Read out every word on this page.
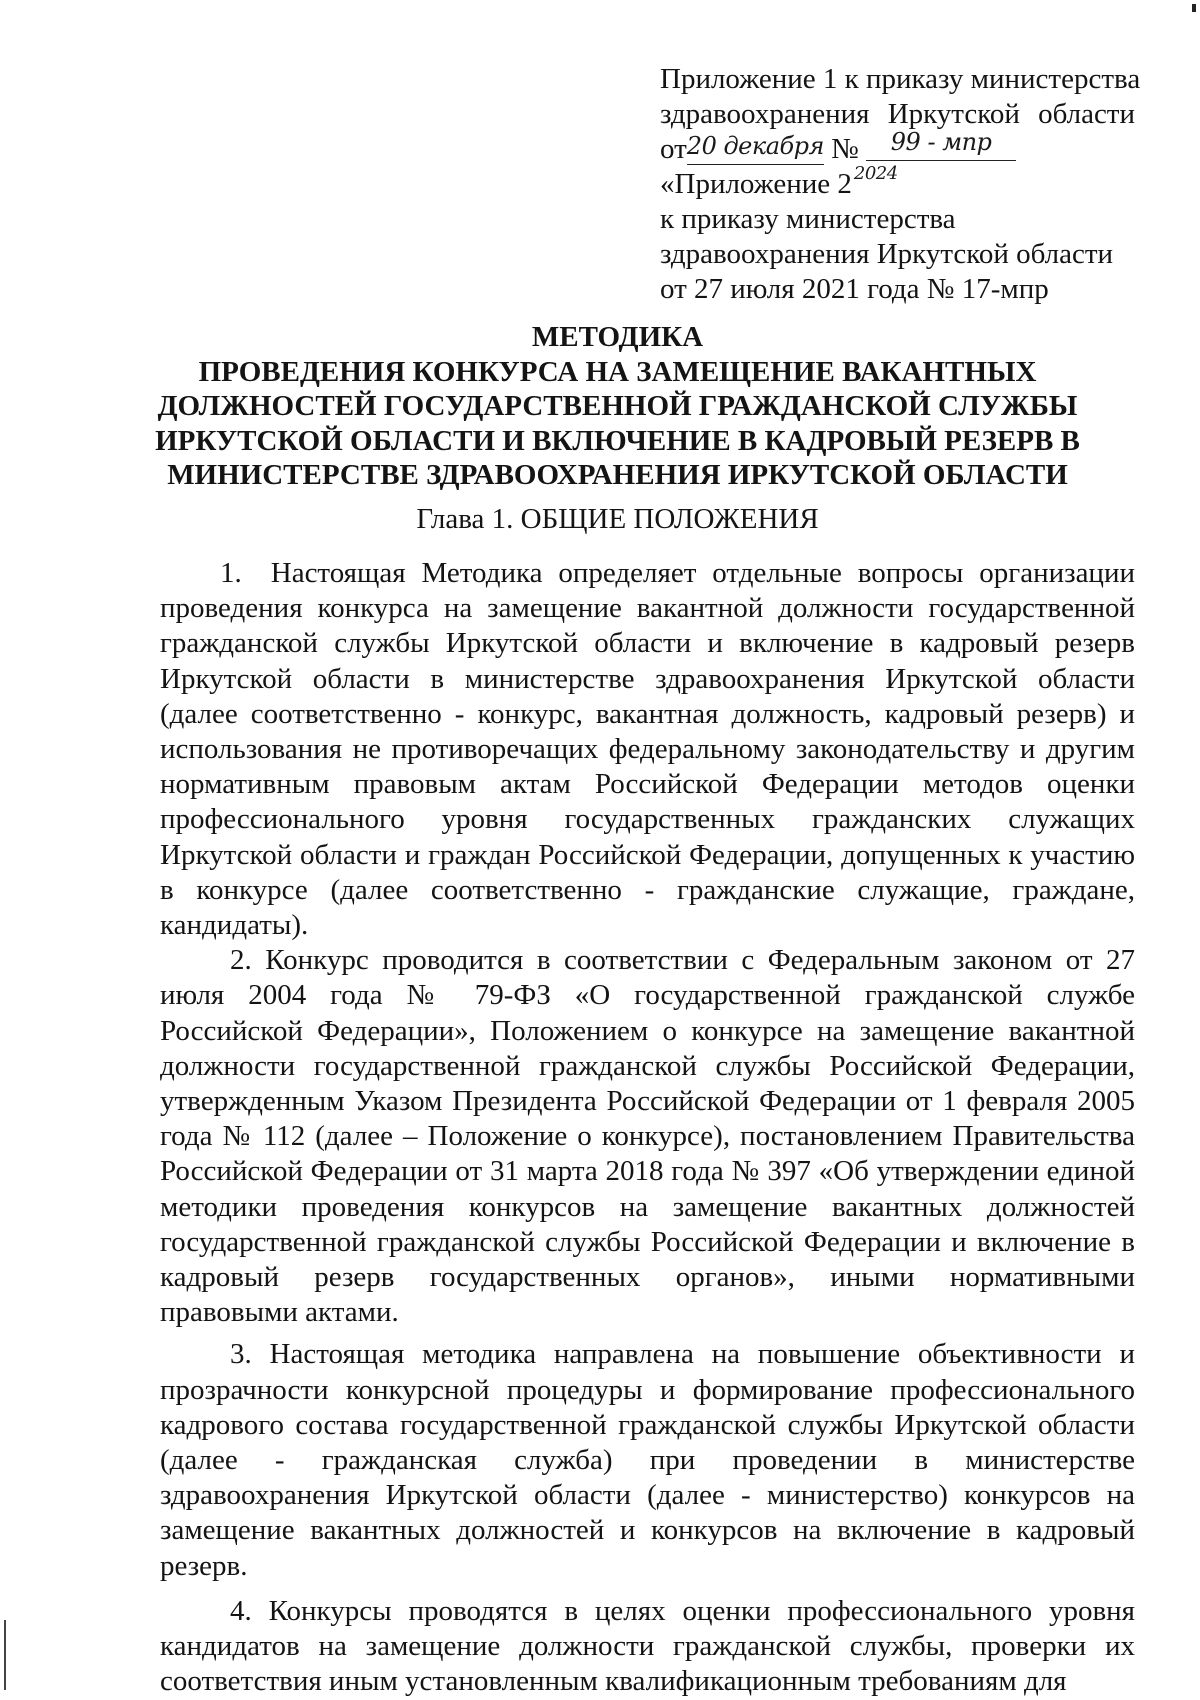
Приложение 1 к приказу министерства
здравоохранения Иркутской области
от20 декабря № 99 - мпр
«Приложение 2 $^{2024}$
к приказу министерства
здравоохранения Иркутской области
от 27 июля 2021 года № 17-мпр
МЕТОДИКА
ПРОВЕДЕНИЯ КОНКУРСА НА ЗАМЕЩЕНИЕ ВАКАНТНЫХ
ДОЛЖНОСТЕЙ ГОСУДАРСТВЕННОЙ ГРАЖДАНСКОЙ СЛУЖБЫ
ИРКУТСКОЙ ОБЛАСТИ И ВКЛЮЧЕНИЕ В КАДРОВЫЙ РЕЗЕРВ В
МИНИСТЕРСТВЕ ЗДРАВООХРАНЕНИЯ ИРКУТСКОЙ ОБЛАСТИ
Глава 1. ОБЩИЕ ПОЛОЖЕНИЯ

1. Настоящая Методика определяет отдельные вопросы организации проведения конкурса на замещение вакантной должности государственной гражданской службы Иркутской области и включение в кадровый резерв Иркутской области в министерстве здравоохранения Иркутской области (далее соответственно - конкурс, вакантная должность, кадровый резерв) и использования не противоречащих федеральному законодательству и другим нормативным правовым актам Российской Федерации методов оценки профессионального уровня государственных гражданских служащих Иркутской области и граждан Российской Федерации, допущенных к участию в конкурсе (далее соответственно - гражданские служащие, граждане, кандидаты).

2. Конкурс проводится в соответствии с Федеральным законом от 27 июля 2004 года № 79-ФЗ «О государственной гражданской службе Российской Федерации», Положением о конкурсе на замещение вакантной должности государственной гражданской службы Российской Федерации, утвержденным Указом Президента Российской Федерации от 1 февраля 2005 года № 112 (далее – Положение о конкурсе), постановлением Правительства Российской Федерации от 31 марта 2018 года № 397 «Об утверждении единой методики проведения конкурсов на замещение вакантных должностей государственной гражданской службы Российской Федерации и включение в кадровый резерв государственных органов», иными нормативными правовыми актами.

3. Настоящая методика направлена на повышение объективности и прозрачности конкурсной процедуры и формирование профессионального кадрового состава государственной гражданской службы Иркутской области (далее - гражданская служба) при проведении в министерстве здравоохранения Иркутской области (далее - министерство) конкурсов на замещение вакантных должностей и конкурсов на включение в кадровый резерв.

4. Конкурсы проводятся в целях оценки профессионального уровня кандидатов на замещение должности гражданской службы, проверки их соответствия иным установленным квалификационным требованиям для
